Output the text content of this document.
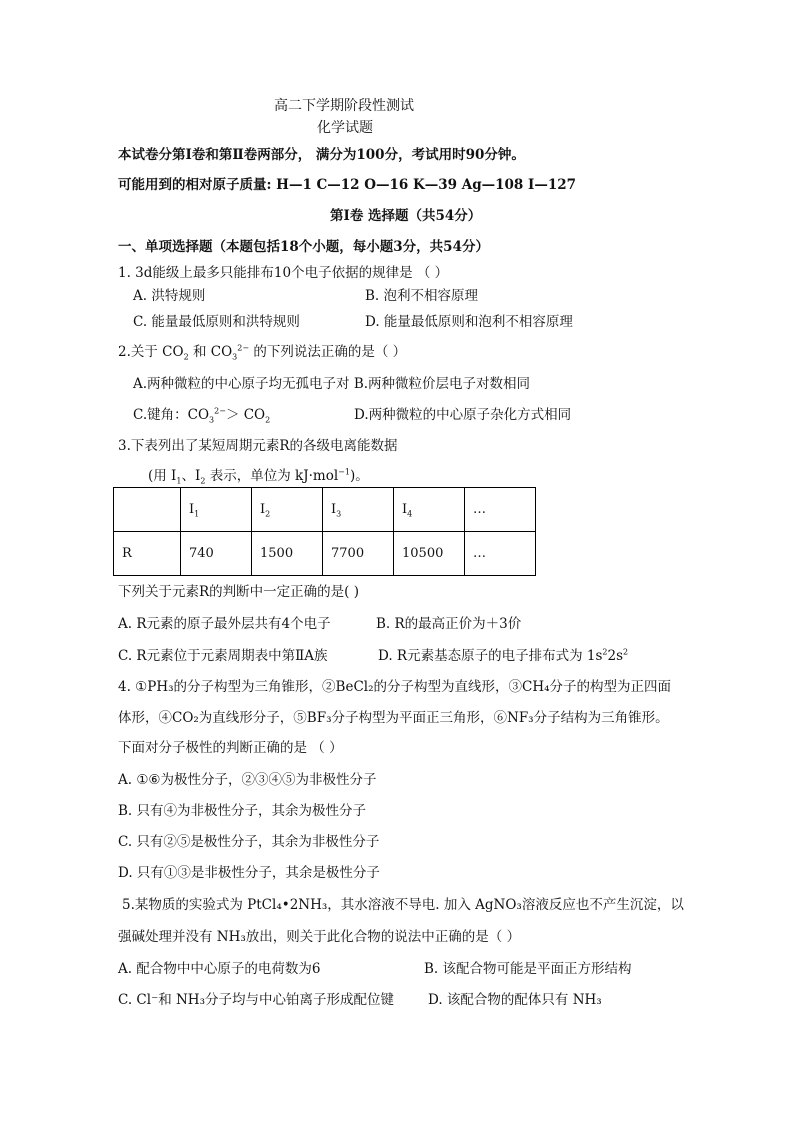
高二下学期阶段性测试
化学试题
本试卷分第Ⅰ卷和第Ⅱ卷两部分， 满分为100分，考试用时90分钟。
可能用到的相对原子质量: H—1 C—12 O—16 K—39 Ag—108 I—127
第Ⅰ卷 选择题（共54分）
一、单项选择题（本题包括18个小题，每小题3分，共54分）
1. 3d能级上最多只能排布10个电子依据的规律是 （ ）
A. 洪特规则	B. 泡利不相容原理
C. 能量最低原则和洪特规则	D. 能量最低原则和泡利不相容原理
2.关于 $CO_2$ 和 $CO_3^{2-}$ 的下列说法正确的是（ ）
A.两种微粒的中心原子均无孤电子对 B.两种微粒价层电子对数相同
C.键角：$CO_3^{2-}> CO_2$	D.两种微粒的中心原子杂化方式相同
3.下表列出了某短周期元素R的各级电离能数据
(用 $I_1$、$I_2$ 表示，单位为 kJ·mol$^{-1}$)。
	$I_1$	$I_2$	$I_3$	$I_4$	…
R	740	1500	7700	10500	…
下列关于元素R的判断中一定正确的是( )
A. R元素的原子最外层共有4个电子	B. R的最高正价为＋3价
C. R元素位于元素周期表中第ⅡA族	D. R元素基态原子的电子排布式为 $1s^22s^2$
4. ①PH₃的分子构型为三角锥形，②BeCl₂的分子构型为直线形，③CH₄分子的构型为正四面
体形，④CO₂为直线形分子，⑤BF₃分子构型为平面正三角形，⑥NF₃分子结构为三角锥形。
下面对分子极性的判断正确的是 （ ）
A. ①⑥为极性分子，②③④⑤为非极性分子
B. 只有④为非极性分子，其余为极性分子
C. 只有②⑤是极性分子，其余为非极性分子
D. 只有①③是非极性分子，其余是极性分子
5.某物质的实验式为 PtCl₄•2NH₃，其水溶液不导电. 加入 AgNO₃溶液反应也不产生沉淀，以
强碱处理并没有 NH₃放出，则关于此化合物的说法中正确的是（ ）
A. 配合物中中心原子的电荷数为6	B. 该配合物可能是平面正方形结构
C. Cl⁻和 NH₃分子均与中心铂离子形成配位键	D. 该配合物的配体只有 NH₃
